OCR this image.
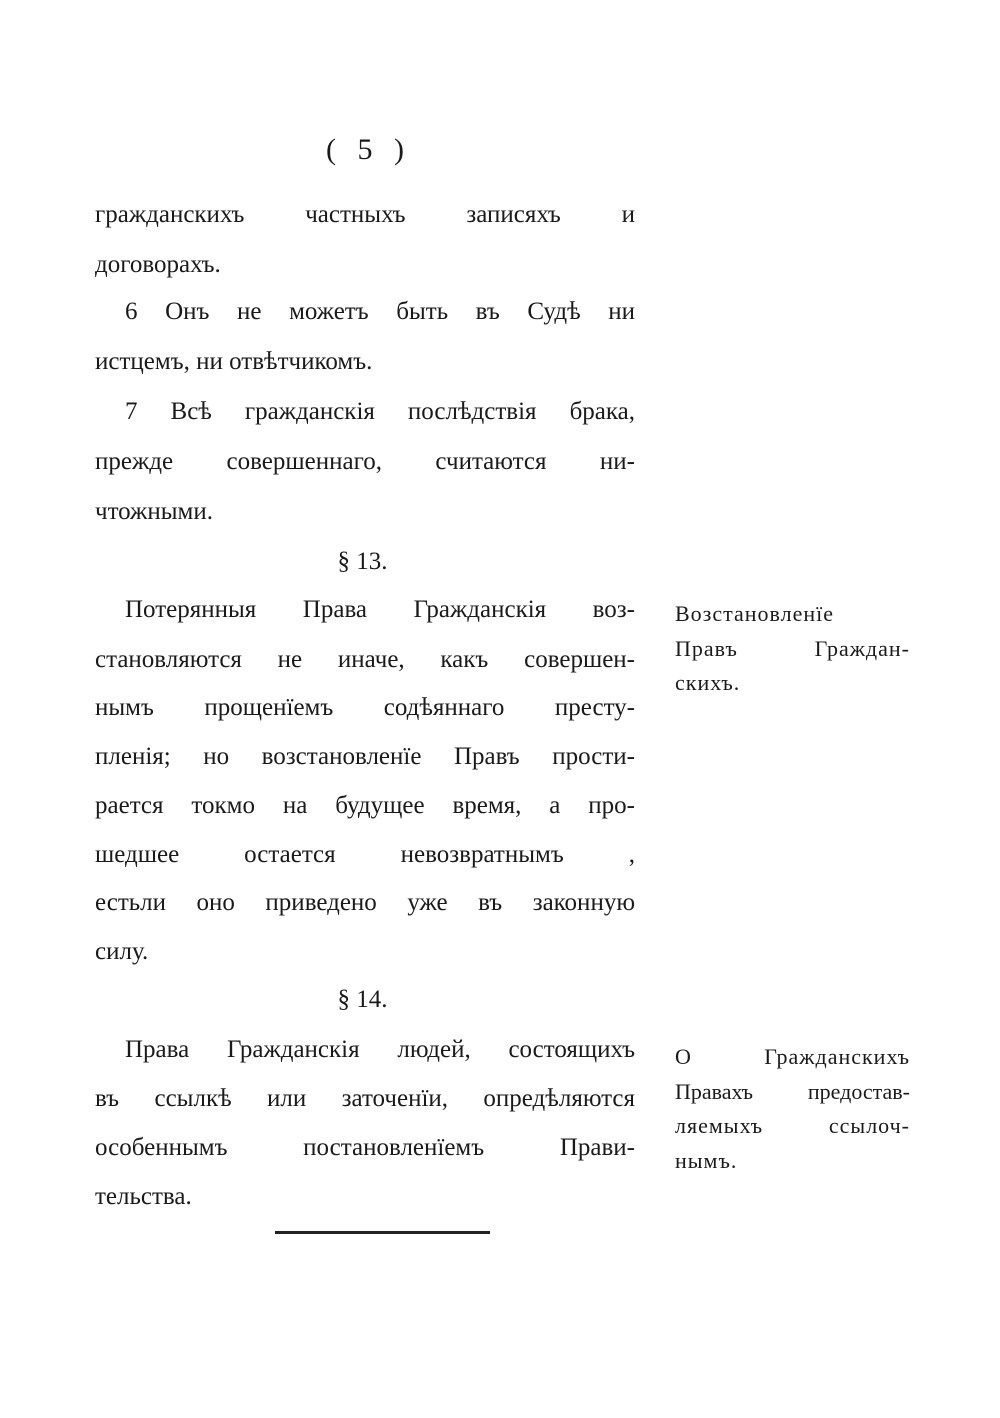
( 5 )
гражданскихъ частныхъ записяхъ и
договорахъ.
6 Онъ не можетъ быть въ Судѣ ни
истцемъ, ни отвѣтчикомъ.
7 Всѣ гражданскія послѣдствія брака,
прежде совершеннаго, считаются ни-
чтожными.
§ 13.
Потерянныя Права Гражданскія воз-
становляются не иначе, какъ совершен-
нымъ прощенїемъ содѣяннаго престу-
пленія; но возстановленїе Правъ прости-
рается токмо на будущее время, а про-
шедшее остается невозвратнымъ ,
естьли оно приведено уже въ законную
силу.
Возстановленїе
Правъ Граждан-
скихъ.
§ 14.
Права Гражданскія людей, состоящихъ
въ ссылкѣ или заточенїи, опредѣляются
особеннымъ постановленїемъ Прави-
тельства.
О Гражданскихъ
Правахъ предостав-
ляемыхъ ссылоч-
нымъ.
